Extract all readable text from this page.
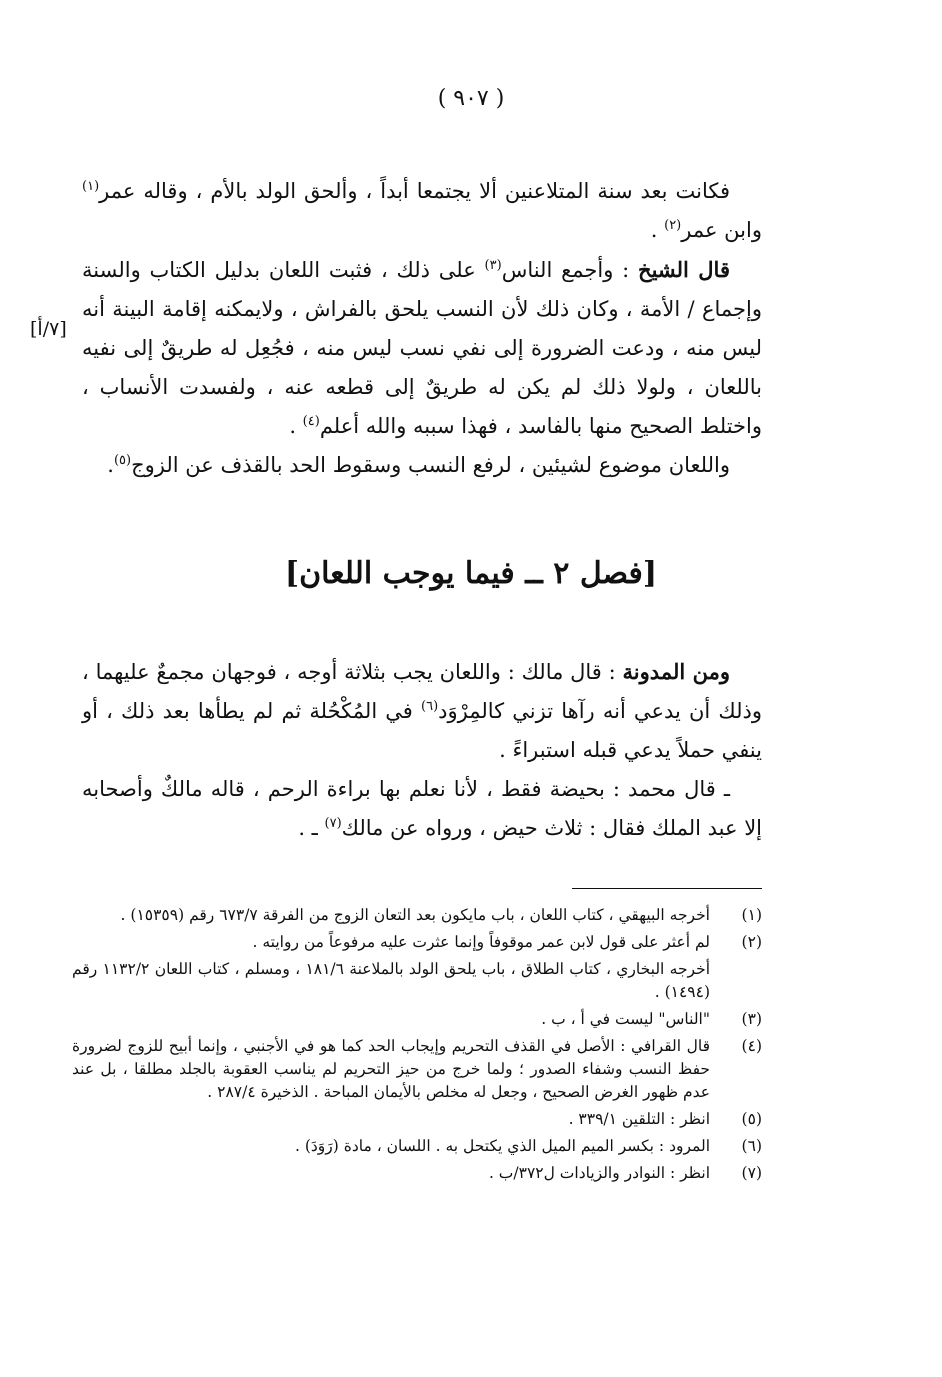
( ٩٠٧ )
[٧/أ]

فكانت بعد سنة المتلاعنين ألا يجتمعا أبداً ، وألحق الولد بالأم ، وقاله عمر$^{(١)}$ وابن عمر$^{(٢)}$ .

قال الشيخ : وأجمع الناس$^{(٣)}$ على ذلك ، فثبت اللعان بدليل الكتاب والسنة وإجماع / الأمة ، وكان ذلك لأن النسب يلحق بالفراش ، ولايمكنه إقامة البينة أنه ليس منه ، ودعت الضرورة إلى نفي نسب ليس منه ، فجُعِل له طريقٌ إلى نفيه باللعان ، ولولا ذلك لم يكن له طريقٌ إلى قطعه عنه ، ولفسدت الأنساب ، واختلط الصحيح منها بالفاسد ، فهذا سببه والله أعلم$^{(٤)}$ .

واللعان موضوع لشيئين ، لرفع النسب وسقوط الحد بالقذف عن الزوج$^{(٥)}$.

[فصل ٢ ــ فيما يوجب اللعان]

ومن المدونة : قال مالك : واللعان يجب بثلاثة أوجه ، فوجهان مجمعٌ عليهما ، وذلك أن يدعي أنه رآها تزني كالمِرْوَد$^{(٦)}$ في المُكْحُلة ثم لم يطأها بعد ذلك ، أو ينفي حملاً يدعي قبله استبراءً .

ـ قال محمد : بحيضة فقط ، لأنا نعلم بها براءة الرحم ، قاله مالكٌ وأصحابه إلا عبد الملك فقال : ثلاث حيض ، ورواه عن مالك$^{(٧)}$ ـ .

(١)
أخرجه البيهقي ، كتاب اللعان ، باب مايكون بعد التعان الزوج من الفرقة ٦٧٣/٧ رقم (١٥٣٥٩) .
(٢)
لم أعثر على قول لابن عمر موقوفاً وإنما عثرت عليه مرفوعاً من روايته .
أخرجه البخاري ، كتاب الطلاق ، باب يلحق الولد بالملاعنة ١٨١/٦ ، ومسلم ، كتاب اللعان ١١٣٢/٢ رقم (١٤٩٤) .
(٣)
"الناس" ليست في أ ، ب .
(٤)
قال القرافي : الأصل في القذف التحريم وإيجاب الحد كما هو في الأجنبي ، وإنما أبيح للزوج لضرورة حفظ النسب وشفاء الصدور ؛ ولما خرج من حيز التحريم لم يناسب العقوبة بالجلد مطلقا ، بل عند عدم ظهور الغرض الصحيح ، وجعل له مخلص بالأيمان المباحة . الذخيرة ٢٨٧/٤ .
(٥)
انظر : التلقين ٣٣٩/١ .
(٦)
المرود : بكسر الميم الميل الذي يكتحل به . اللسان ، مادة (رَوَدَ) .
(٧)
انظر : النوادر والزيادات ل٣٧٢/ب .
